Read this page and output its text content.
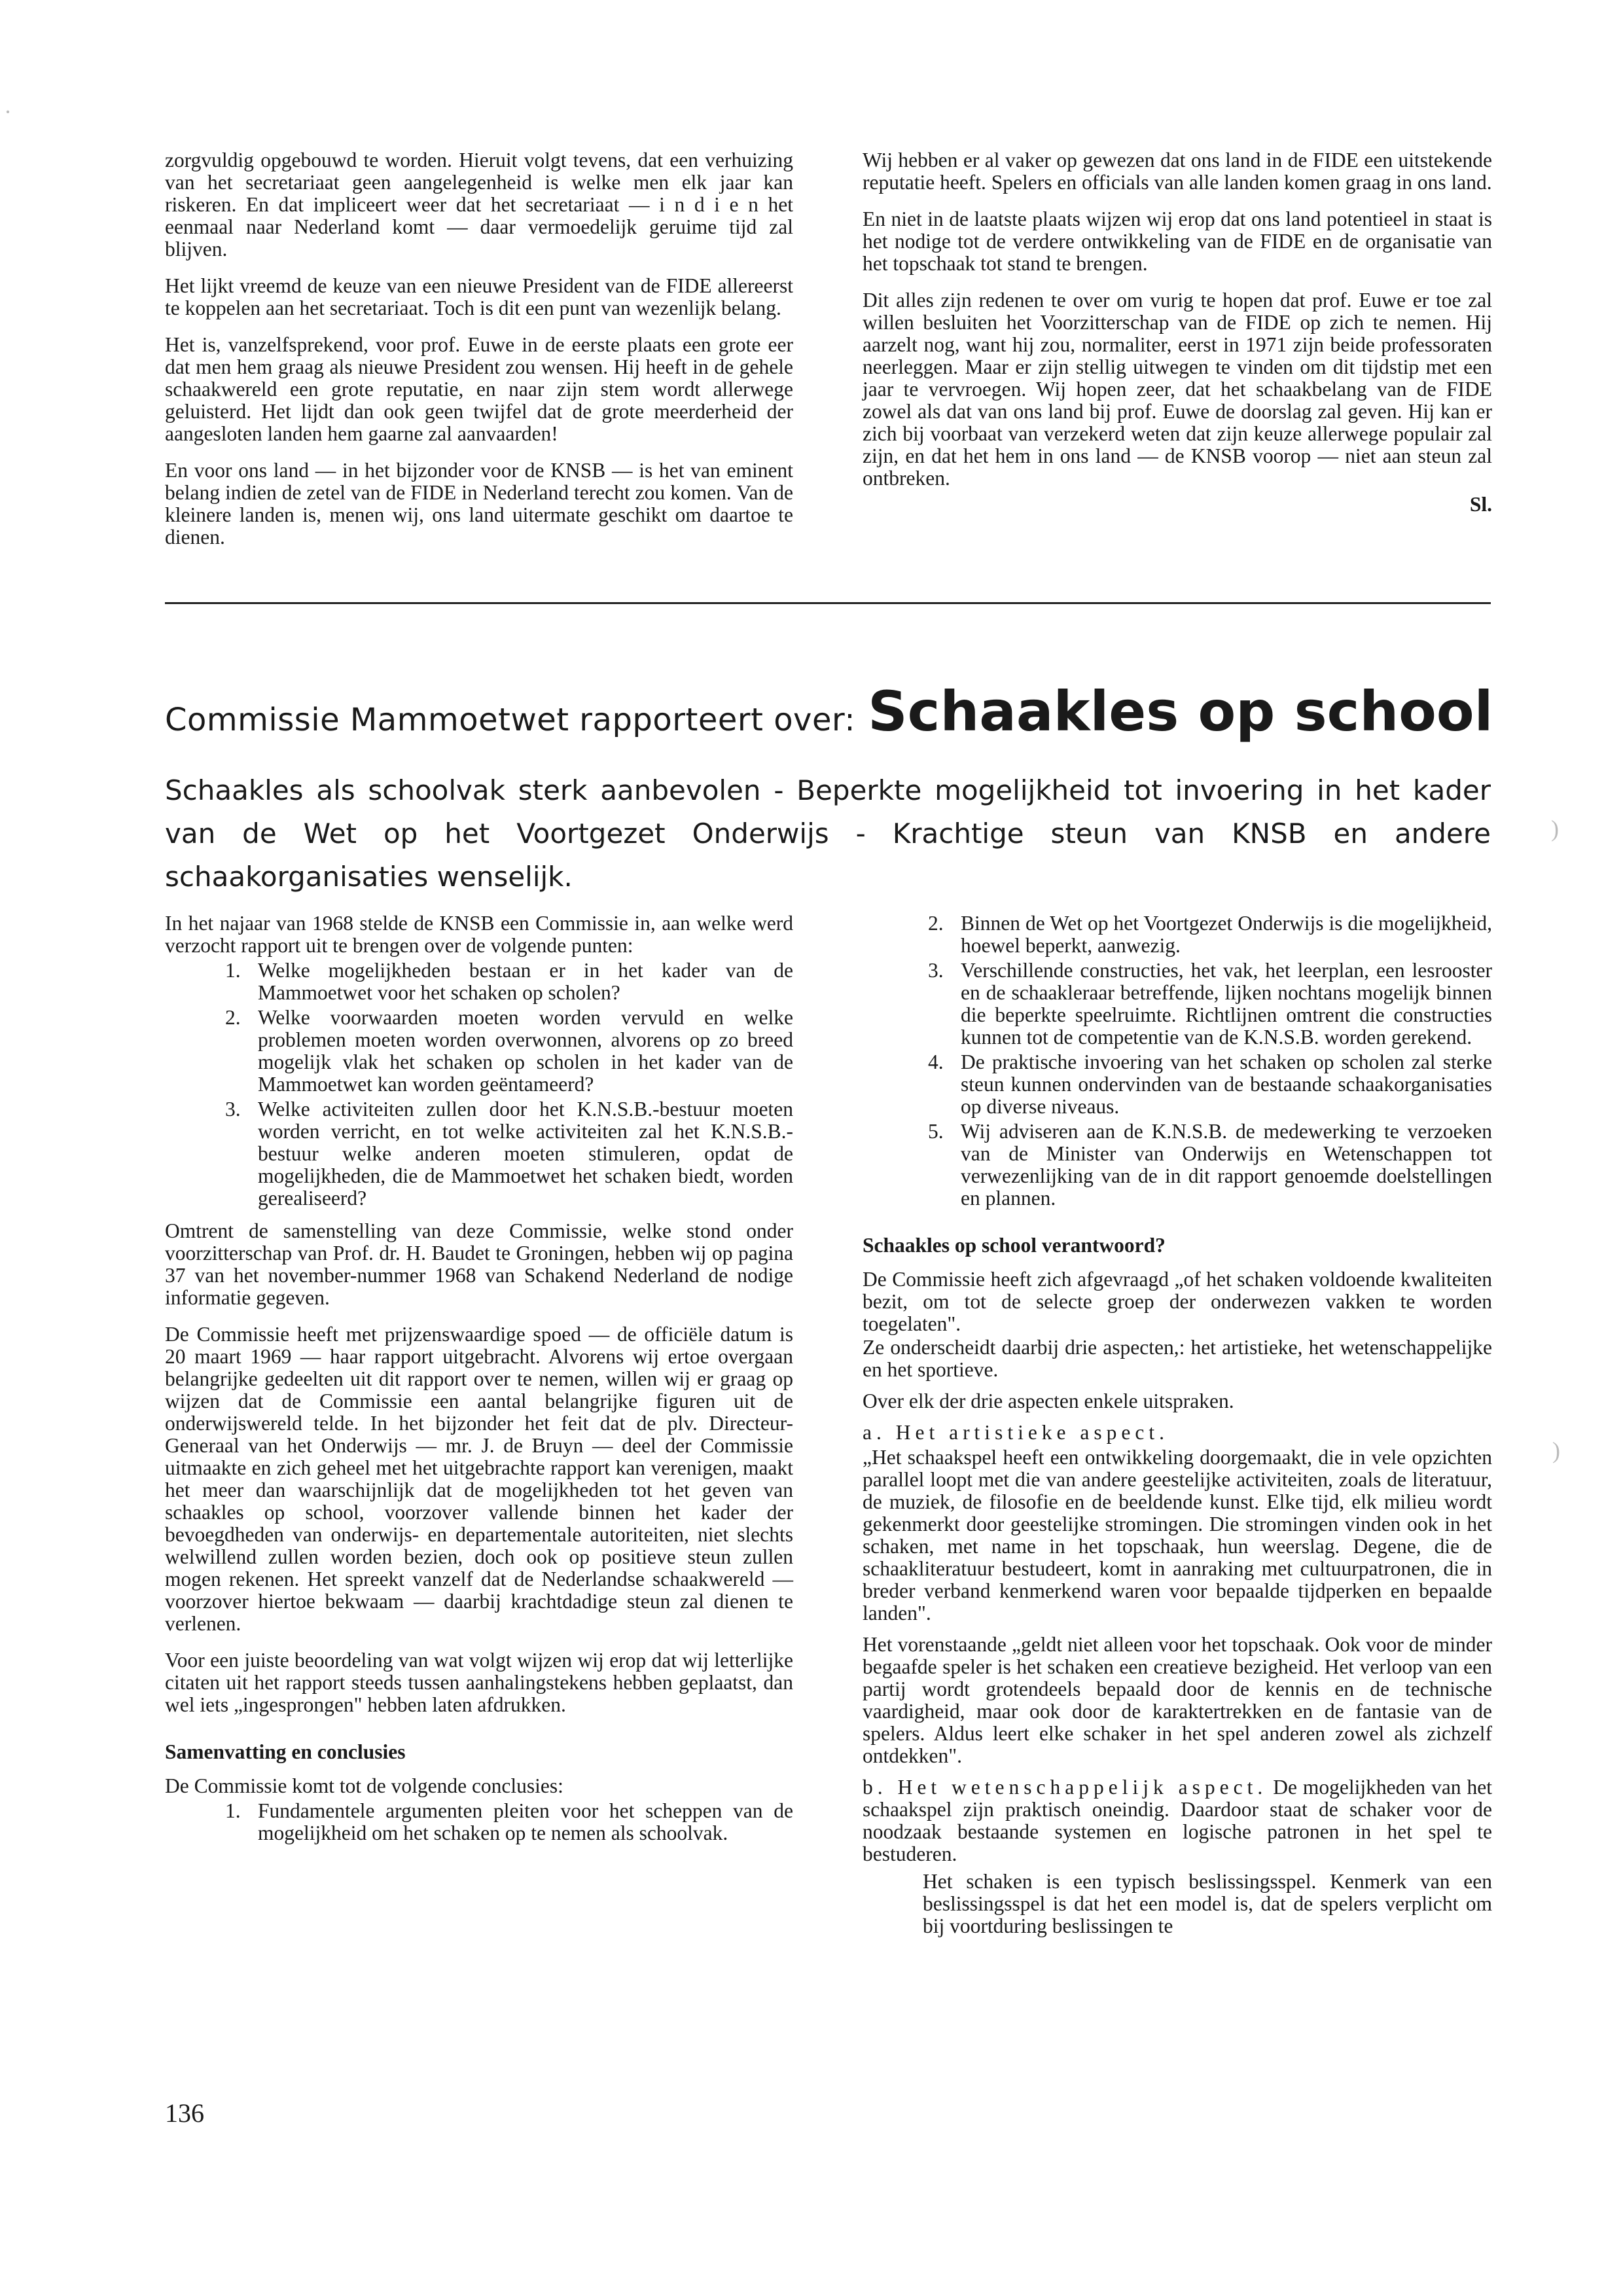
·
)
)

zorgvuldig opgebouwd te worden. Hieruit volgt tevens, dat een verhuizing van het secretariaat geen aangelegenheid is welke men elk jaar kan riskeren. En dat impliceert weer dat het secretariaat — i n d i e n het eenmaal naar Nederland komt — daar vermoedelijk geruime tijd zal blijven.

Het lijkt vreemd de keuze van een nieuwe President van de FIDE allereerst te koppelen aan het secretariaat. Toch is dit een punt van wezenlijk belang.

Het is, vanzelfsprekend, voor prof. Euwe in de eerste plaats een grote eer dat men hem graag als nieuwe President zou wensen. Hij heeft in de gehele schaakwereld een grote reputatie, en naar zijn stem wordt allerwege geluisterd. Het lijdt dan ook geen twijfel dat de grote meerderheid der aangesloten landen hem gaarne zal aanvaarden!

En voor ons land — in het bijzonder voor de KNSB — is het van eminent belang indien de zetel van de FIDE in Nederland terecht zou komen. Van de kleinere landen is, menen wij, ons land uitermate geschikt om daartoe te dienen.

Wij hebben er al vaker op gewezen dat ons land in de FIDE een uitstekende reputatie heeft. Spelers en officials van alle landen komen graag in ons land.

En niet in de laatste plaats wijzen wij erop dat ons land potentieel in staat is het nodige tot de verdere ontwikkeling van de FIDE en de organisatie van het topschaak tot stand te brengen.

Dit alles zijn redenen te over om vurig te hopen dat prof. Euwe er toe zal willen besluiten het Voorzitterschap van de FIDE op zich te nemen. Hij aarzelt nog, want hij zou, normaliter, eerst in 1971 zijn beide professoraten neerleggen. Maar er zijn stellig uitwegen te vinden om dit tijdstip met een jaar te vervroegen. Wij hopen zeer, dat het schaakbelang van de FIDE zowel als dat van ons land bij prof. Euwe de doorslag zal geven. Hij kan er zich bij voorbaat van verzekerd weten dat zijn keuze allerwege populair zal zijn, en dat het hem in ons land — de KNSB voorop — niet aan steun zal ontbreken.

Sl.
Commissie Mammoetwet rapporteert over: Schaakles op school
Schaakles als schoolvak sterk aanbevolen - Beperkte mogelijkheid tot invoering in het kader van de Wet op het Voortgezet Onderwijs - Krachtige steun van KNSB en andere schaakorganisaties wenselijk.

In het najaar van 1968 stelde de KNSB een Commissie in, aan welke werd verzocht rapport uit te brengen over de volgende punten:

1. Welke mogelijkheden bestaan er in het kader van de Mammoetwet voor het schaken op scholen?
2. Welke voorwaarden moeten worden vervuld en welke problemen moeten worden overwonnen, alvorens op zo breed mogelijk vlak het schaken op scholen in het kader van de Mammoetwet kan worden geëntameerd?
3. Welke activiteiten zullen door het K.N.S.B.-bestuur moeten worden verricht, en tot welke activiteiten zal het K.N.S.B.-bestuur welke anderen moeten stimuleren, opdat de mogelijkheden, die de Mammoetwet het schaken biedt, worden gerealiseerd?

Omtrent de samenstelling van deze Commissie, welke stond onder voorzitterschap van Prof. dr. H. Baudet te Groningen, hebben wij op pagina 37 van het november-nummer 1968 van Schakend Nederland de nodige informatie gegeven.

De Commissie heeft met prijzenswaardige spoed — de officiële datum is 20 maart 1969 — haar rapport uitgebracht. Alvorens wij ertoe overgaan belangrijke gedeelten uit dit rapport over te nemen, willen wij er graag op wijzen dat de Commissie een aantal belangrijke figuren uit de onderwijswereld telde. In het bijzonder het feit dat de plv. Directeur-Generaal van het Onderwijs — mr. J. de Bruyn — deel der Commissie uitmaakte en zich geheel met het uitgebrachte rapport kan verenigen, maakt het meer dan waarschijnlijk dat de mogelijkheden tot het geven van schaakles op school, voorzover vallende binnen het kader der bevoegdheden van onderwijs- en departementale autoriteiten, niet slechts welwillend zullen worden bezien, doch ook op positieve steun zullen mogen rekenen. Het spreekt vanzelf dat de Nederlandse schaakwereld — voorzover hiertoe bekwaam — daarbij krachtdadige steun zal dienen te verlenen.

Voor een juiste beoordeling van wat volgt wijzen wij erop dat wij letterlijke citaten uit het rapport steeds tussen aanhalingstekens hebben geplaatst, dan wel iets „ingesprongen" hebben laten afdrukken.

Samenvatting en conclusies

De Commissie komt tot de volgende conclusies:

1. Fundamentele argumenten pleiten voor het scheppen van de mogelijkheid om het schaken op te nemen als schoolvak.
2. Binnen de Wet op het Voortgezet Onderwijs is die mogelijkheid, hoewel beperkt, aanwezig.
3. Verschillende constructies, het vak, het leerplan, een lesrooster en de schaakleraar betreffende, lijken nochtans mogelijk binnen die beperkte speelruimte. Richtlijnen omtrent die constructies kunnen tot de competentie van de K.N.S.B. worden gerekend.
4. De praktische invoering van het schaken op scholen zal sterke steun kunnen ondervinden van de bestaande schaakorganisaties op diverse niveaus.
5. Wij adviseren aan de K.N.S.B. de medewerking te verzoeken van de Minister van Onderwijs en Wetenschappen tot verwezenlijking van de in dit rapport genoemde doelstellingen en plannen.
Schaakles op school verantwoord?

De Commissie heeft zich afgevraagd „of het schaken voldoende kwaliteiten bezit, om tot de selecte groep der onderwezen vakken te worden toegelaten".

Ze onderscheidt daarbij drie aspecten,: het artistieke, het wetenschappelijke en het sportieve.

Over elk der drie aspecten enkele uitspraken.

a. Het artistieke aspect.

„Het schaakspel heeft een ontwikkeling doorgemaakt, die in vele opzichten parallel loopt met die van andere geestelijke activiteiten, zoals de literatuur, de muziek, de filosofie en de beeldende kunst. Elke tijd, elk milieu wordt gekenmerkt door geestelijke stromingen. Die stromingen vinden ook in het schaken, met name in het topschaak, hun weerslag. Degene, die de schaakliteratuur bestudeert, komt in aanraking met cultuurpatronen, die in breder verband kenmerkend waren voor bepaalde tijdperken en bepaalde landen".

Het vorenstaande „geldt niet alleen voor het topschaak. Ook voor de minder begaafde speler is het schaken een creatieve bezigheid. Het verloop van een partij wordt grotendeels bepaald door de kennis en de technische vaardigheid, maar ook door de karaktertrekken en de fantasie van de spelers. Aldus leert elke schaker in het spel anderen zowel als zichzelf ontdekken".

b. Het wetenschappelijk aspect. De mogelijkheden van het schaakspel zijn praktisch oneindig. Daardoor staat de schaker voor de noodzaak bestaande systemen en logische patronen in het spel te bestuderen.

Het schaken is een typisch beslissingsspel. Kenmerk van een beslissingsspel is dat het een model is, dat de spelers verplicht om bij voortduring beslissingen te

136
